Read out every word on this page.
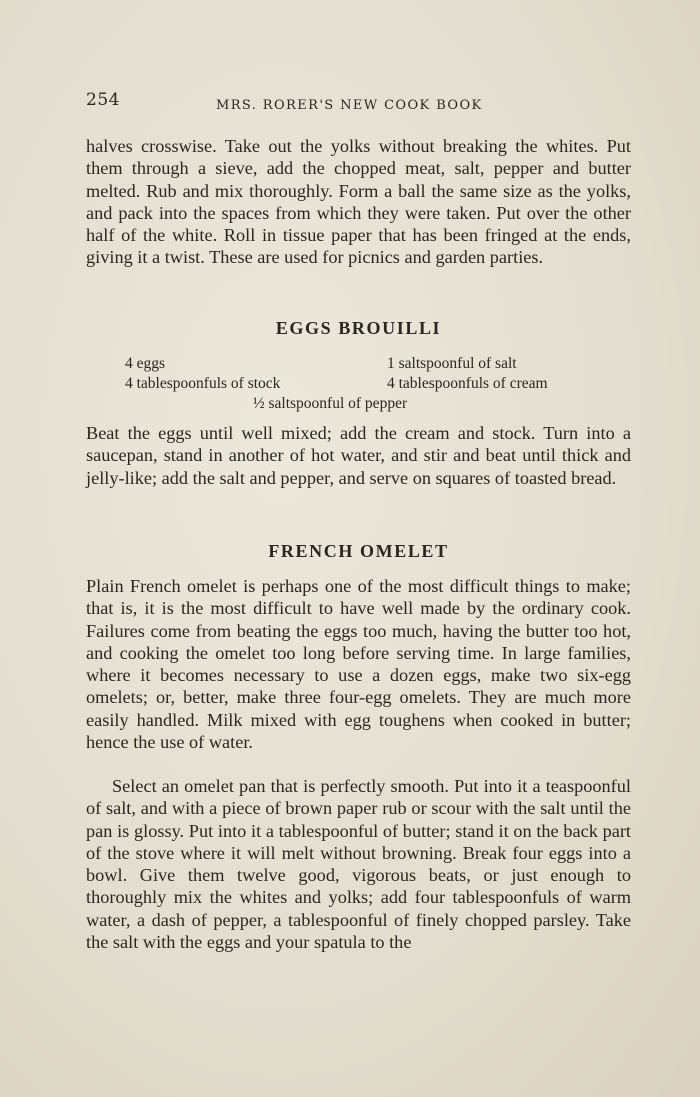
254	MRS. RORER'S NEW COOK BOOK

halves crosswise. Take out the yolks without breaking the whites. Put them through a sieve, add the chopped meat, salt, pepper and butter melted. Rub and mix thoroughly. Form a ball the same size as the yolks, and pack into the spaces from which they were taken. Put over the other half of the white. Roll in tissue paper that has been fringed at the ends, giving it a twist. These are used for picnics and garden parties.

EGGS BROUILLI
4 eggs	1 saltspoonful of salt
4 tablespoonfuls of stock	4 tablespoonfuls of cream
½ saltspoonful of pepper

Beat the eggs until well mixed; add the cream and stock. Turn into a saucepan, stand in another of hot water, and stir and beat until thick and jelly-like; add the salt and pepper, and serve on squares of toasted bread.

FRENCH OMELET

Plain French omelet is perhaps one of the most difficult things to make; that is, it is the most difficult to have well made by the ordinary cook. Failures come from beating the eggs too much, having the butter too hot, and cooking the omelet too long before serving time. In large families, where it becomes necessary to use a dozen eggs, make two six-egg omelets; or, better, make three four-egg omelets. They are much more easily handled. Milk mixed with egg toughens when cooked in butter; hence the use of water.

Select an omelet pan that is perfectly smooth. Put into it a teaspoonful of salt, and with a piece of brown paper rub or scour with the salt until the pan is glossy. Put into it a tablespoonful of butter; stand it on the back part of the stove where it will melt without browning. Break four eggs into a bowl. Give them twelve good, vigorous beats, or just enough to thoroughly mix the whites and yolks; add four tablespoonfuls of warm water, a dash of pepper, a tablespoonful of finely chopped parsley. Take the salt with the eggs and your spatula to the
